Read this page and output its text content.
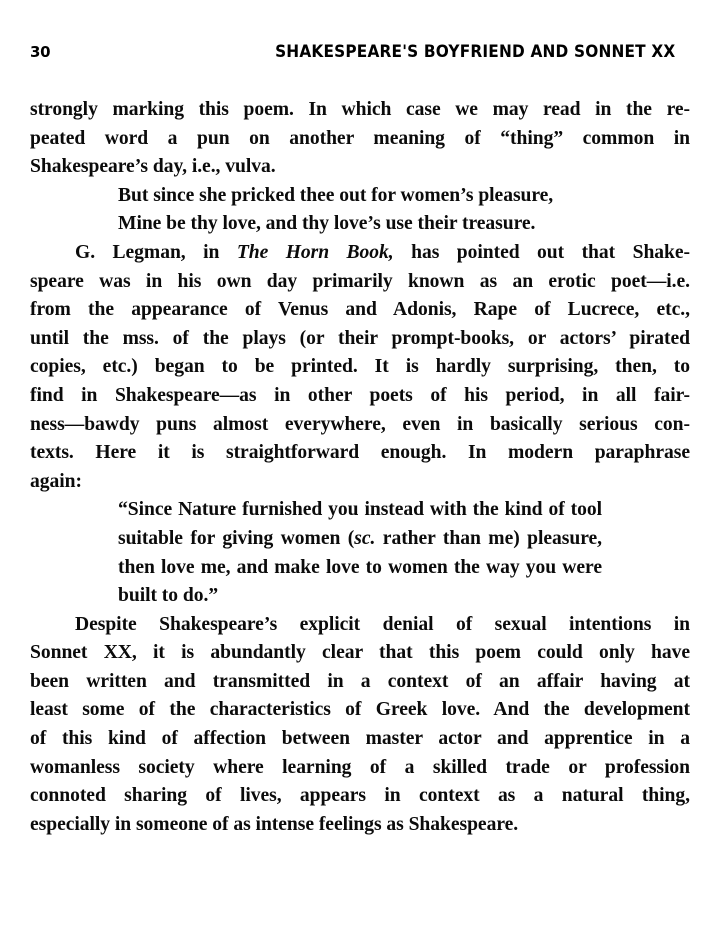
30	SHAKESPEARE'S BOYFRIEND AND SONNET XX

strongly marking this poem. In which case we may read in the re-

peated word a pun on another meaning of “thing” common in

Shakespeare’s day, i.e., vulva.

But since she pricked thee out for women’s pleasure,

Mine be thy love, and thy love’s use their treasure.

G. Legman, in The Horn Book, has pointed out that Shake-

speare was in his own day primarily known as an erotic poet—i.e.

from the appearance of Venus and Adonis, Rape of Lucrece, etc.,

until the mss. of the plays (or their prompt-books, or actors’ pirated

copies, etc.) began to be printed. It is hardly surprising, then, to

find in Shakespeare—as in other poets of his period, in all fair-

ness—bawdy puns almost everywhere, even in basically serious con-

texts. Here it is straightforward enough. In modern paraphrase

again:

“Since Nature furnished you instead with the kind of tool

suitable for giving women (sc. rather than me) pleasure,

then love me, and make love to women the way you were

built to do.”

Despite Shakespeare’s explicit denial of sexual intentions in

Sonnet XX, it is abundantly clear that this poem could only have

been written and transmitted in a context of an affair having at

least some of the characteristics of Greek love. And the development

of this kind of affection between master actor and apprentice in a

womanless society where learning of a skilled trade or profession

connoted sharing of lives, appears in context as a natural thing,

especially in someone of as intense feelings as Shakespeare.
